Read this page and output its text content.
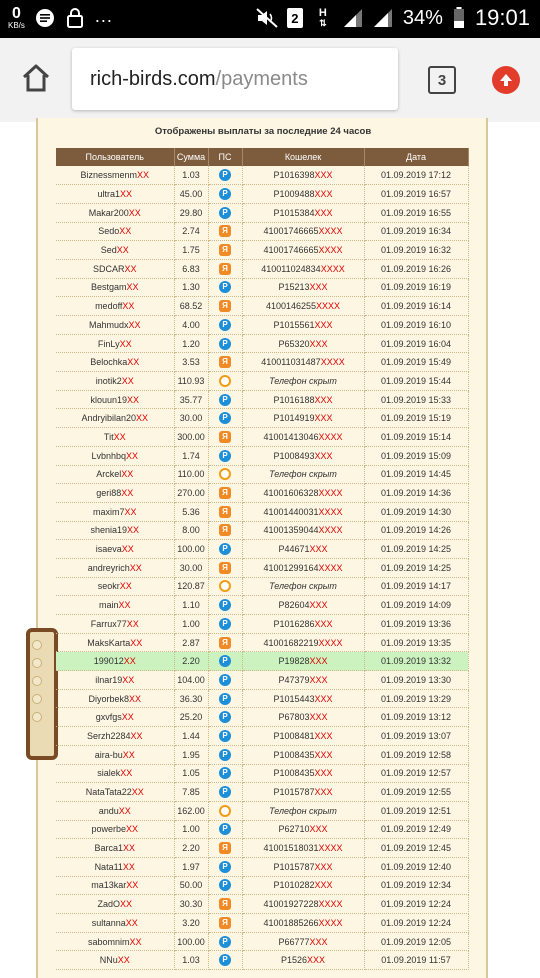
0
KB/s	...	2 H
⇅	34% 19:01
rich-birds.com /payments	3
Отображены выплаты за последние 24 часов
Пользователь	Сумма	ПС	Кошелек	Дата
BiznessmenmXX	1.03	P	P1016398XXX	01.09.2019 17:12
ultra1XX	45.00	P	P1009488XXX	01.09.2019 16:57
Makar200XX	29.80	P	P1015384XXX	01.09.2019 16:55
SedoXX	2.74	Я	41001746665XXXX	01.09.2019 16:34
SedXX	1.75	Я	41001746665XXXX	01.09.2019 16:32
SDCARXX	6.83	Я	410011024834XXXX	01.09.2019 16:26
BestgamXX	1.30	P	P15213XXX	01.09.2019 16:19
medoffXX	68.52	Я	4100146255XXXX	01.09.2019 16:14
MahmudxXX	4.00	P	P1015561XXX	01.09.2019 16:10
FinLyXX	1.20	P	P65320XXX	01.09.2019 16:04
BelochkaXX	3.53	Я	410011031487XXXX	01.09.2019 15:49
inotik2XX	110.93		Телефон скрыт	01.09.2019 15:44
klouun19XX	35.77	P	P1016188XXX	01.09.2019 15:33
Andryibilan20XX	30.00	P	P1014919XXX	01.09.2019 15:19
TitXX	300.00	Я	41001413046XXXX	01.09.2019 15:14
LvbnhbqXX	1.74	P	P1008493XXX	01.09.2019 15:09
ArckelXX	110.00		Телефон скрыт	01.09.2019 14:45
geri88XX	270.00	Я	41001606328XXXX	01.09.2019 14:36
maxim7XX	5.36	Я	41001440031XXXX	01.09.2019 14:30
shenia19XX	8.00	Я	41001359044XXXX	01.09.2019 14:26
isaevaXX	100.00	P	P44671XXX	01.09.2019 14:25
andreyrichXX	30.00	Я	41001299164XXXX	01.09.2019 14:25
seokrXX	120.87		Телефон скрыт	01.09.2019 14:17
mainXX	1.10	P	P82604XXX	01.09.2019 14:09
Farrux77XX	1.00	P	P1016286XXX	01.09.2019 13:36
MaksKartaXX	2.87	Я	41001682219XXXX	01.09.2019 13:35
199012XX	2.20	P	P19828XXX	01.09.2019 13:32
ilnar19XX	104.00	P	P47379XXX	01.09.2019 13:30
Diyorbek8XX	36.30	P	P1015443XXX	01.09.2019 13:29
gxvfgsXX	25.20	P	P67803XXX	01.09.2019 13:12
Serzh2284XX	1.44	P	P1008481XXX	01.09.2019 13:07
aira-buXX	1.95	P	P1008435XXX	01.09.2019 12:58
sialekXX	1.05	P	P1008435XXX	01.09.2019 12:57
NataTata22XX	7.85	P	P1015787XXX	01.09.2019 12:55
anduXX	162.00		Телефон скрыт	01.09.2019 12:51
powerbeXX	1.00	P	P62710XXX	01.09.2019 12:49
Barca1XX	2.20	Я	41001518031XXXX	01.09.2019 12:45
Nata11XX	1.97	P	P1015787XXX	01.09.2019 12:40
ma13karXX	50.00	P	P1010282XXX	01.09.2019 12:34
ZadOXX	30.30	Я	41001927228XXXX	01.09.2019 12:24
sultannaXX	3.20	Я	41001885266XXXX	01.09.2019 12:24
sabomnimXX	100.00	P	P66777XXX	01.09.2019 12:05
NNuXX	1.03	P	P1526XXX	01.09.2019 11:57
